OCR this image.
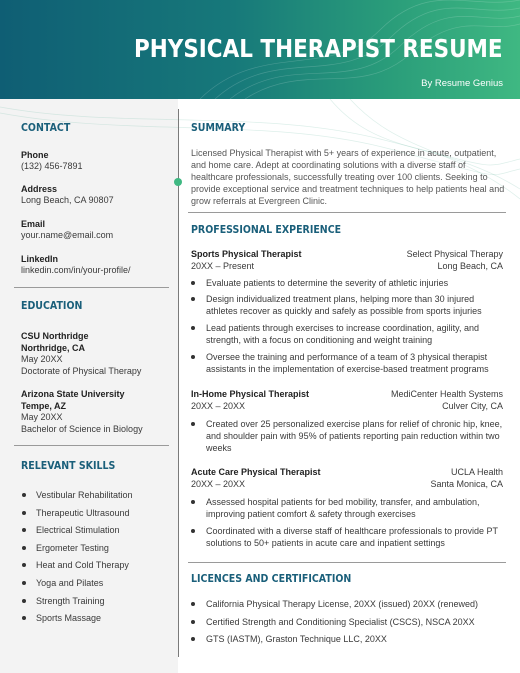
PHYSICAL THERAPIST RESUME
By Resume Genius
CONTACT
Phone
(132) 456-7891
Address
Long Beach, CA 90807
Email
your.name@email.com
LinkedIn
linkedin.com/in/your-profile/
EDUCATION
CSU Northridge
Northridge, CA
May 20XX
Doctorate of Physical Therapy
Arizona State University
Tempe, AZ
May 20XX
Bachelor of Science in Biology
RELEVANT SKILLS
Vestibular Rehabilitation
Therapeutic Ultrasound
Electrical Stimulation
Ergometer Testing
Heat and Cold Therapy
Yoga and Pilates
Strength Training
Sports Massage
SUMMARY
Licensed Physical Therapist with 5+ years of experience in acute, outpatient,
and home care. Adept at coordinating solutions with a diverse staff of
healthcare professionals, successfully treating over 100 clients. Seeking to
provide exceptional service and treatment techniques to help patients heal and
grow referrals at Evergreen Clinic.
PROFESSIONAL EXPERIENCE
Sports Physical Therapist	Select Physical Therapy
20XX – Present	Long Beach, CA
Evaluate patients to determine the severity of athletic injuries
Design individualized treatment plans, helping more than 30 injured
athletes recover as quickly and safely as possible from sports injuries
Lead patients through exercises to increase coordination, agility, and
strength, with a focus on conditioning and weight training
Oversee the training and performance of a team of 3 physical therapist
assistants in the implementation of exercise-based treatment programs
In-Home Physical Therapist	MediCenter Health Systems
20XX – 20XX	Culver City, CA
Created over 25 personalized exercise plans for relief of chronic hip, knee,
and shoulder pain with 95% of patients reporting pain reduction within two
weeks
Acute Care Physical Therapist	UCLA Health
20XX – 20XX	Santa Monica, CA
Assessed hospital patients for bed mobility, transfer, and ambulation,
improving patient comfort & safety through exercises
Coordinated with a diverse staff of healthcare professionals to provide PT
solutions to 50+ patients in acute care and inpatient settings
LICENCES AND CERTIFICATION
California Physical Therapy License, 20XX (issued) 20XX (renewed)
Certified Strength and Conditioning Specialist (CSCS), NSCA 20XX
GTS (IASTM), Graston Technique LLC, 20XX
